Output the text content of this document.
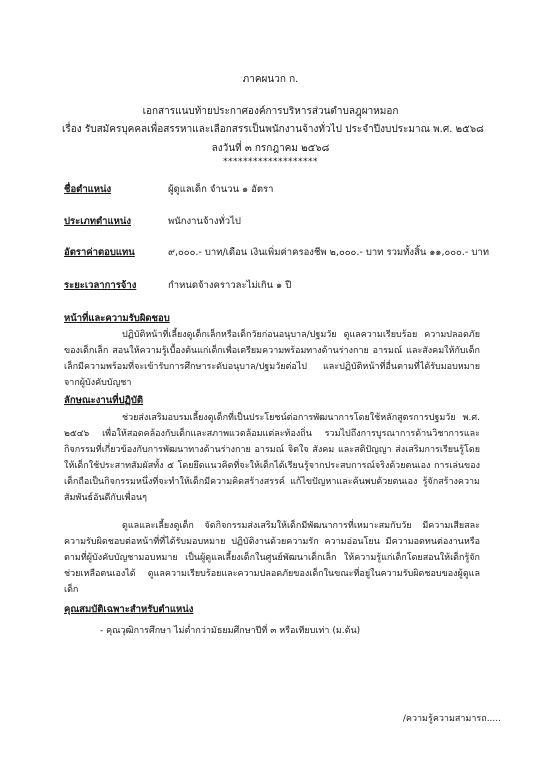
ภาคผนวก ก.
เอกสารแนบท้ายประกาศองค์การบริหารส่วนตำบลฎุผาหมอก
เรื่อง รับสมัครบุคคลเพื่อสรรหาและเลือกสรรเป็นพนักงานจ้างทั่วไป ประจำปีงบประมาณ พ.ศ. ๒๕๖๘
ลงวันที่ ๓ กรกฎาคม ๒๕๖๘
*******************
ชื่อตำแหน่ง	ผู้ดูแลเด็ก จำนวน ๑ อัตรา
ประเภทตำแหน่ง	พนักงานจ้างทั่วไป
อัตราค่าตอบแทน	๙,๐๐๐.- บาท/เดือน เงินเพิ่มค่าครองชีพ ๒,๐๐๐.- บาท รวมทั้งสิ้น ๑๑,๐๐๐.- บาท
ระยะเวลาการจ้าง	กำหนดจ้างคราวละไม่เกิน ๑ ปี
หน้าที่และความรับผิดชอบ
ปฏิบัติหน้าที่เลี้ยงดูเด็กเล็กหรือเด็กวัยก่อนอนุบาล/ปฐมวัย ดูแลความเรียบร้อย ความปลอดภัยของเด็กเล็ก สอนให้ความรู้เบื้องต้นแก่เด็กเพื่อเตรียมความพร้อมทางด้านร่างกาย อารมณ์ และสังคมให้กับเด็กเล็กมีความพร้อมที่จะเข้ารับการศึกษาระดับอนุบาล/ปฐมวัยต่อไป และปฏิบัติหน้าที่อื่นตามที่ได้รับมอบหมายจากผู้บังคับบัญชา
ลักษณะงานที่ปฏิบัติ
ช่วยส่งเสริมอบรมเลี้ยงดูเด็กที่เป็นประโยชน์ต่อการพัฒนาการโดยใช้หลักสูตรการปฐมวัย พ.ศ. ๒๕๔๖ เพื่อให้สอดคล้องกับเด็กและสภาพแวดล้อมแต่ละท้องถิ่น รวมไปถึงการบูรณาการด้านวิชาการและกิจกรรมที่เกี่ยวข้องกับการพัฒนาทางด้านร่างกาย อารมณ์ จิตใจ สังคม และสติปัญญา ส่งเสริมการเรียนรู้โดยให้เด็กใช้ประสาทสัมผัสทั้ง ๕ โดยยึดแนวคิดที่จะให้เด็กได้เรียนรู้จากประสบการณ์จริงด้วยตนเอง การเล่นของเด็กถือเป็นกิจกรรมหนึ่งที่จะทำให้เด็กมีความคิดสร้างสรรค์ แก้ไขปัญหาและค้นพบด้วยตนเอง รู้จักสร้างความสัมพันธ์อันดีกับเพื่อนๆ
ดูแลและเลี้ยงดูเด็ก จัดกิจกรรมส่งเสริมให้เด็กมีพัฒนาการที่เหมาะสมกับวัย มีความเสียสละ ความรับผิดชอบต่อหน้าที่ที่ได้รับมอบหมาย ปฏิบัติงานด้วยความรัก ความอ่อนโยน มีความอดทนต่องานหรือตามที่ผู้บังคับบัญชามอบหมาย เป็นผู้ดูแลเลี้ยงเด็กในศูนย์พัฒนาเด็กเล็ก ให้ความรู้แก่เด็กโดยสอนให้เด็กรู้จักช่วยเหลือตนเองได้ ดูแลความเรียบร้อยและความปลอดภัยของเด็กในขณะที่อยู่ในความรับผิดชอบของผู้ดูแลเด็ก
คุณสมบัติเฉพาะสำหรับตำแหน่ง
- คุณวุฒิการศึกษา ไม่ต่ำกว่ามัธยมศึกษาปีที่ ๓ หรือเทียบเท่า (ม.ต้น)
/ความรู้ความสามารถ.....
